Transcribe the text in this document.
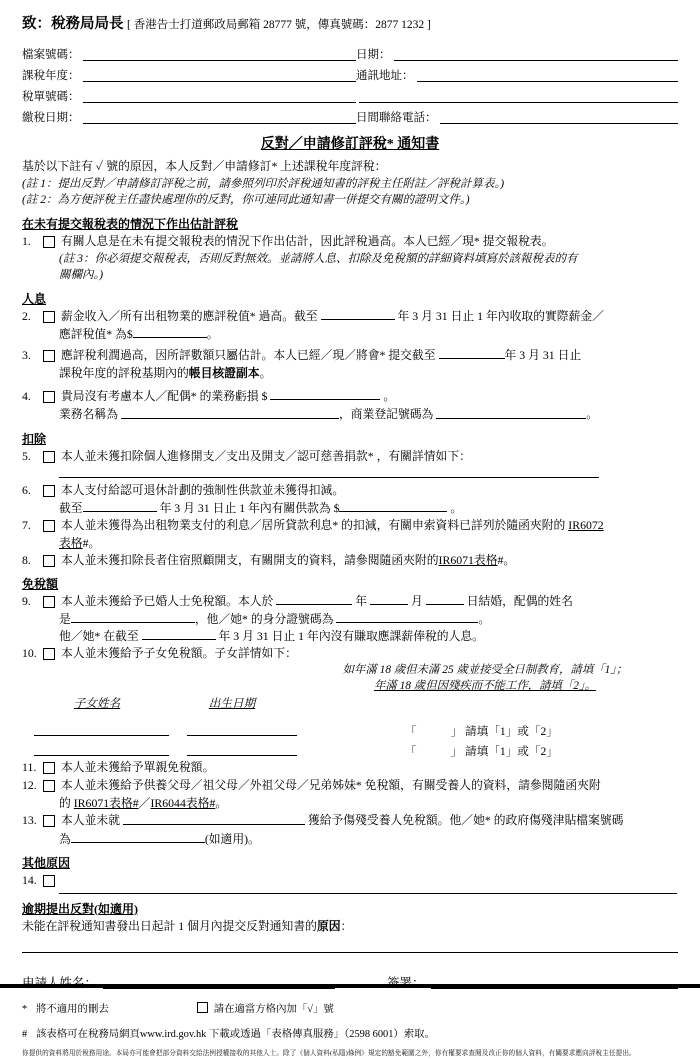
致：稅務局局長 [ 香港告士打道郵政局郵箱 28777 號，傳真號碼：2877 1232 ]
檔案號碼：	日期：
課稅年度：	通訊地址：
稅單號碼：
繳稅日期：	日間聯絡電話：
反對／申請修訂評稅* 通知書
基於以下註有 ✓ 號的原因，本人反對／申請修訂* 上述課稅年度評稅：
(註 1：提出反對／申請修訂評稅之前，請參照列印於評稅通知書的評稅主任附註／評稅計算表。)
(註 2：為方便評稅主任盡快處理你的反對，你可連同此通知書一併提交有關的證明文件。)
在未有提交報稅表的情況下作出估計評稅
1.	有關人息是在未有提交報稅表的情況下作出估計，因此評稅過高。本人已經／現* 提交報稅表。
(註 3：你必須提交報稅表，否則反對無效。並請將人息、扣除及免稅額的詳細資料填寫於該報稅表的有
關欄內。)
人息
2.	薪金收入／所有出租物業的應評稅值* 過高。截至	年 3 月 31 日止 1 年內收取的實際薪金／
應評稅值* 為$	。
3.	應評稅利潤過高，因所評數額只屬估計。本人已經／現／將會* 提交截至	年 3 月 31 日止
課稅年度的評稅基期內的帳目核證副本。
4.	貴局沒有考慮本人／配偶* 的業務虧損 $	。
業務名稱為	，商業登記號碼為	。
扣除
5.	本人並未獲扣除個人進修開支／支出及開支／認可慈善捐款* ，有關詳情如下：
6.	本人支付給認可退休計劃的強制性供款並未獲得扣減。
截至	年 3 月 31 日止 1 年內有關供款為 $	。
7.	本人並未獲得為出租物業支付的利息／居所貸款利息* 的扣減，有關申索資料已詳列於隨函夾附的 IR6072
表格#。
8.	本人並未獲扣除長者住宿照顧開支，有關開支的資料，請參閱隨函夾附的IR6071表格#。
免稅額
9.	本人並未獲給予已婚人士免稅額。本人於	年	月	日結婚，配偶的姓名
是	，他／她* 的身分證號碼為	。
他／她* 在截至	年 3 月 31 日止 1 年內沒有賺取應課薪俸稅的人息。
10.	本人並未獲給予子女免稅額。子女詳情如下：
如年滿 18 歲但未滿 25 歲並接受全日制教育，請填「1」；
年滿 18 歲但因殘疾而不能工作，請填「2」。
子女姓名	出生日期
「	」 請填「1」或「2」
「	」 請填「1」或「2」
11.	本人並未獲給予單親免稅額。
12.	本人並未獲給予供養父母／祖父母／外祖父母／兄弟姊妹* 免稅額，有關受養人的資料，請參閱隨函夾附
的 IR6071表格#／IR6044表格#。
13.	本人並未就	獲給予傷殘受養人免稅額。他／她* 的政府傷殘津貼檔案號碼
為	(如適用)。
其他原因
14.
逾期提出反對(如適用)
未能在評稅通知書發出日起計 1 個月內提交反對通知書的原因：
* 將不適用的刪去	請在適當方格內加「√」號
# 該表格可在稅務局網頁www.ird.gov.hk 下載或透過「表格傳真服務」（2598 6001）索取。
你提供的資料將用於稅務用途。本局亦可能會把部分資料交給法例授權接收的其他人士。除了《個人資料(私隱)條例》規定的豁免範圍之外，你有權要求查閱及改正你的個人資料，有關要求應向評稅主任提出。
